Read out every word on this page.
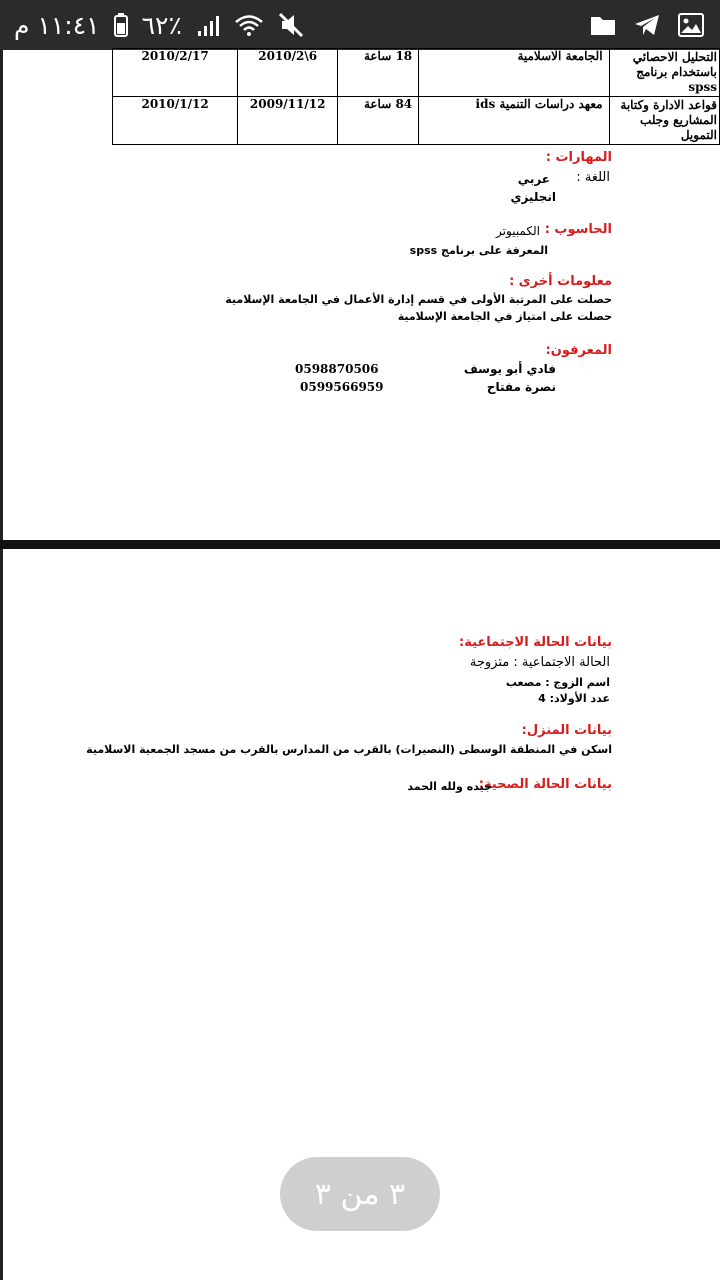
١١:٤١ م ٦٢٪
التحليل الاحصائي
باستخدام برنامج spss	الجامعة الاسلامية	18 ساعة	2010/2\6	2010/2/17

قواعد الادارة وكتابة
المشاريع وجلب التمويل	معهد دراسات التنمية ids	84 ساعة	2009/11/12	2010/1/12
المهارات :
اللغة :
عربي
انجليزي
الحاسوب :
الكمبيوتر
المعرفة على برنامج spss
معلومات أخرى :
حصلت على المرتبة الأولى في قسم إدارة الأعمال في الجامعة الإسلامية
حصلت على امتياز في الجامعة الإسلامية
المعرفون:
فادي أبو يوسف
0598870506
نصرة مفتاح
0599566959
بيانات الحالة الاجتماعية:
الحالة الاجتماعية : متزوجة
اسم الزوج : مصعب
عدد الأولاد: 4
بيانات المنزل:
اسكن في المنطقة الوسطى (النصيرات) بالقرب من المدارس بالقرب من مسجد الجمعية الاسلامية
بيانات الحالة الصحية:
جيده ولله الحمد
٣ من ٣
